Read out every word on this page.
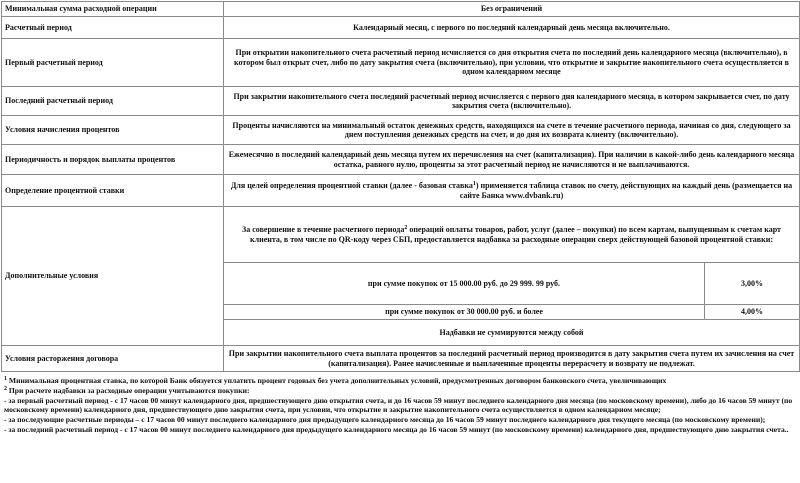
Минимальная сумма расходной операции	Без ограничений	
Расчетный период	Календарный месяц, с первого по последний календарный день месяца включительно.	
Первый расчетный период	При открытии накопительного счета расчетный период исчисляется со дня открытия счета по последний день календарного месяца (включительно), в котором был открыт счет, либо по дату закрытия счета (включительно), при условии, что открытие и закрытие накопительного счета осуществляется в одном календарном месяце	
Последний расчетный период	При закрытии накопительного счета последний расчетный период исчисляется с первого дня календарного месяца, в котором закрывается счет, по дату закрытия счета (включительно).	
Условия начисления процентов	Проценты начисляются на минимальный остаток денежных средств, находящихся на счете в течение расчетного периода, начиная со дня, следующего за днем поступления денежных средств на счет, и до дня их возврата клиенту (включительно).	
Периодичность и порядок выплаты процентов	Ежемесячно в последний календарный день месяца путем их перечисления на счет (капитализация). При наличии в какой-либо день календарного месяца остатка, равного нулю, проценты за этот расчетный период не начисляются и не выплачиваются.	
Определение процентной ставки	Для целей определения процентной ставки (далее - базовая ставка$^1$) применяется таблица ставок по счету, действующих на каждый день (размещается на сайте Банка www.dvbank.ru)	
Дополнительные условия	За совершение в течение расчетного периода$^2$ операций оплаты товаров, работ, услуг (далее – покупки) по всем картам, выпущенным к счетам карт клиента, в том числе по QR-коду через СБП, предоставляется надбавка за расходные операции сверх действующей базовой процентной ставки:	
	при сумме покупок от 15 000.00 руб. до 29 999. 99 руб.	3,00%
	при сумме покупок от 30 000.00 руб. и более	4,00%
	Надбавки не суммируются между собой	
Условия расторжения договора	При закрытии накопительного счета выплата процентов за последний расчетный период производится в дату закрытия счета путем их зачисления на счет (капитализация). Ранее начисленные и выплаченные проценты перерасчету и возврату не подлежат.	

$^1$ Минимальная процентная ставка, по которой Банк обязуется уплатить процент годовых без учета дополнительных условий, предусмотренных договором банковского счета, увеличивающих

$^2$ При расчете надбавки за расходные операции учитываются покупки:

- за первый расчетный период - с 17 часов 00 минут календарного дня, предшествующего дню открытия счета, и до 16 часов 59 минут последнего календарного дня месяца (по московскому времени), либо до 16 часов 59 минут (по московскому времени) календарного дня, предшествующего дню закрытия счета, при условии, что открытие и закрытие накопительного счета осуществляется в одном календарном месяце;

- за последующие расчетные периоды – с 17 часов 00 минут последнего календарного дня предыдущего календарного месяца до 16 часов 59 минут последнего календарного дня текущего месяца (по московскому времени);

- за последний расчетный период - с 17 часов 00 минут последнего календарного дня предыдущего календарного месяца до 16 часов 59 минут (по московскому времени) календарного дня, предшествующего дню закрытия счета..
